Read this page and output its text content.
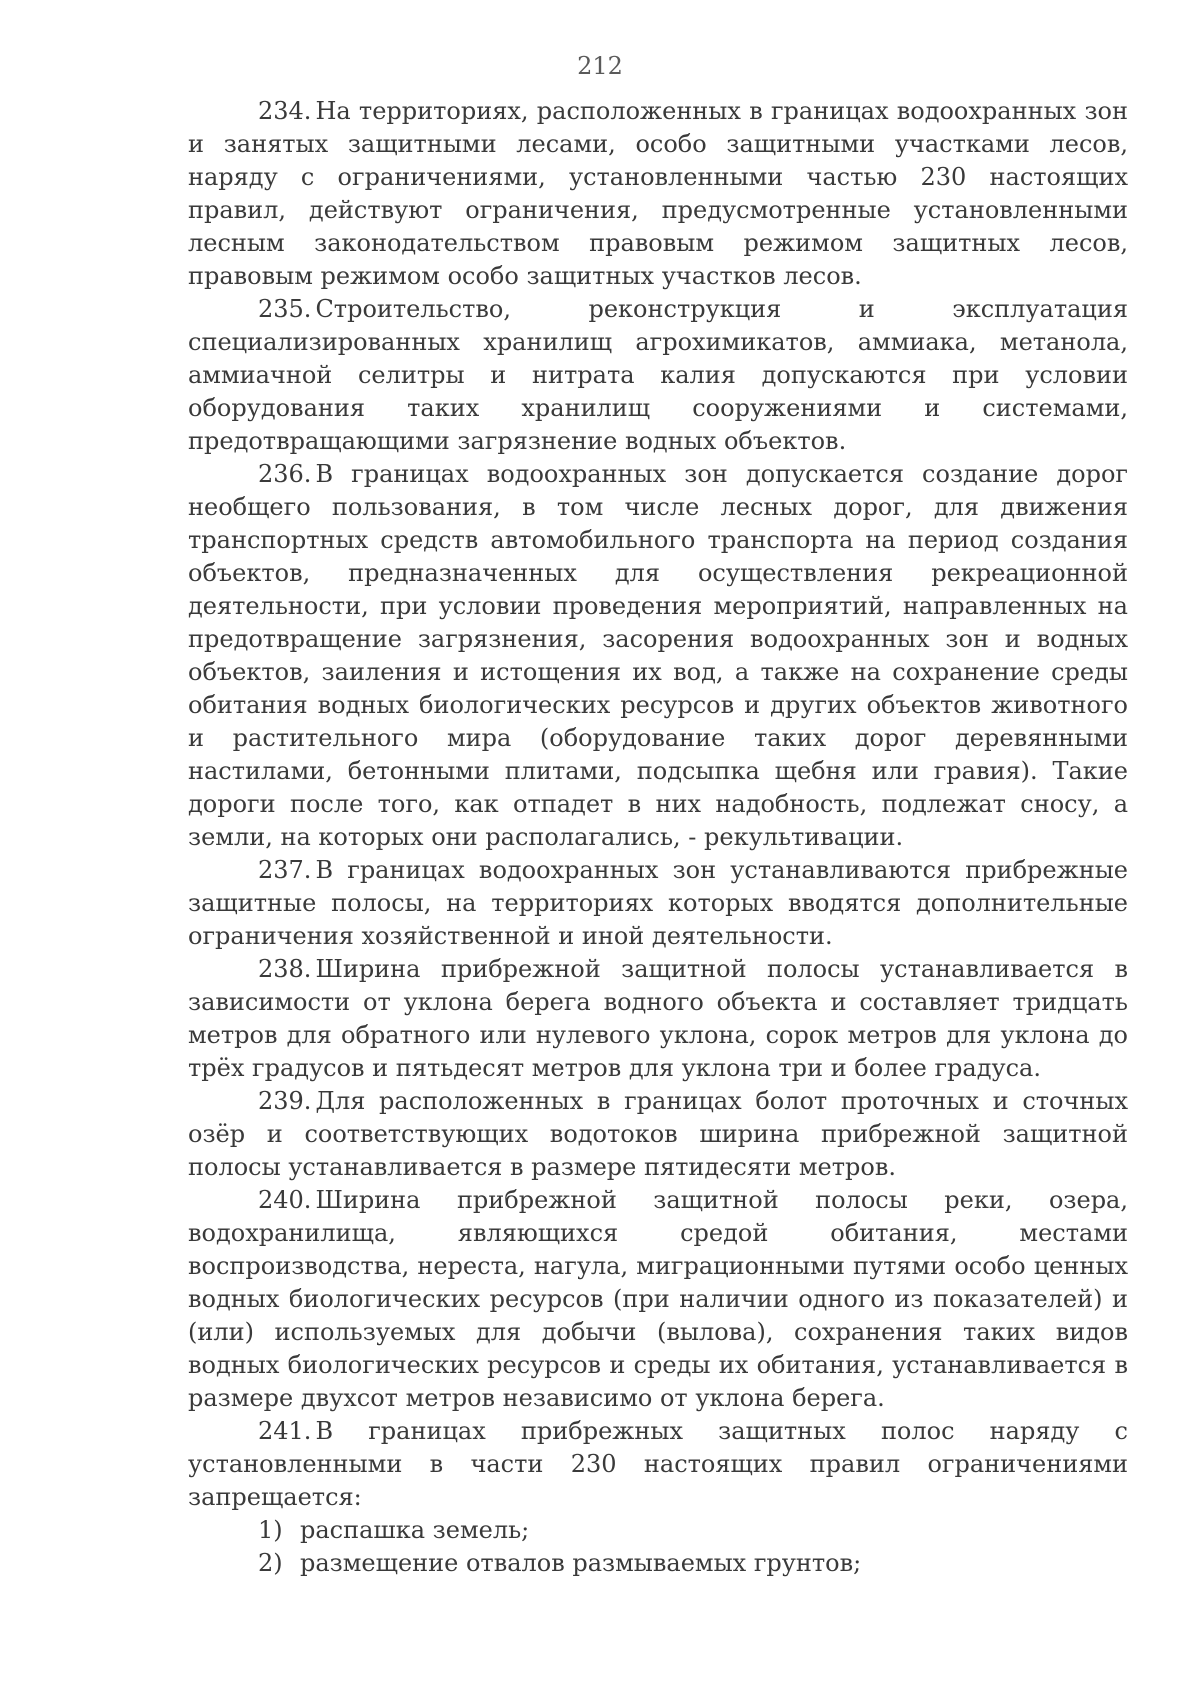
212

234. На территориях, расположенных в границах водоохранных зон и занятых защитными лесами, особо защитными участками лесов, наряду с ограничениями, установленными частью 230 настоящих правил, действуют ограничения, предусмотренные установленными лесным законодательством правовым режимом защитных лесов, правовым режимом особо защитных участков лесов.

235. Строительство, реконструкция и эксплуатация специализированных хранилищ агрохимикатов, аммиака, метанола, аммиачной селитры и нитрата калия допускаются при условии оборудования таких хранилищ сооружениями и системами, предотвращающими загрязнение водных объектов.

236. В границах водоохранных зон допускается создание дорог необщего пользования, в том числе лесных дорог, для движения транспортных средств автомобильного транспорта на период создания объектов, предназначенных для осуществления рекреационной деятельности, при условии проведения мероприятий, направленных на предотвращение загрязнения, засорения водоохранных зон и водных объектов, заиления и истощения их вод, а также на сохранение среды обитания водных биологических ресурсов и других объектов животного и растительного мира (оборудование таких дорог деревянными настилами, бетонными плитами, подсыпка щебня или гравия). Такие дороги после того, как отпадет в них надобность, подлежат сносу, а земли, на которых они располагались, - рекультивации.

237. В границах водоохранных зон устанавливаются прибрежные защитные полосы, на территориях которых вводятся дополнительные ограничения хозяйственной и иной деятельности.

238. Ширина прибрежной защитной полосы устанавливается в зависимости от уклона берега водного объекта и составляет тридцать метров для обратного или нулевого уклона, сорок метров для уклона до трёх градусов и пятьдесят метров для уклона три и более градуса.

239. Для расположенных в границах болот проточных и сточных озёр и соответствующих водотоков ширина прибрежной защитной полосы устанавливается в размере пятидесяти метров.

240. Ширина прибрежной защитной полосы реки, озера, водохранилища, являющихся средой обитания, местами воспроизводства, нереста, нагула, миграционными путями особо ценных водных биологических ресурсов (при наличии одного из показателей) и (или) используемых для добычи (вылова), сохранения таких видов водных биологических ресурсов и среды их обитания, устанавливается в размере двухсот метров независимо от уклона берега.

241. В границах прибрежных защитных полос наряду с установленными в части 230 настоящих правил ограничениями запрещается:

1) распашка земель;

2) размещение отвалов размываемых грунтов;
